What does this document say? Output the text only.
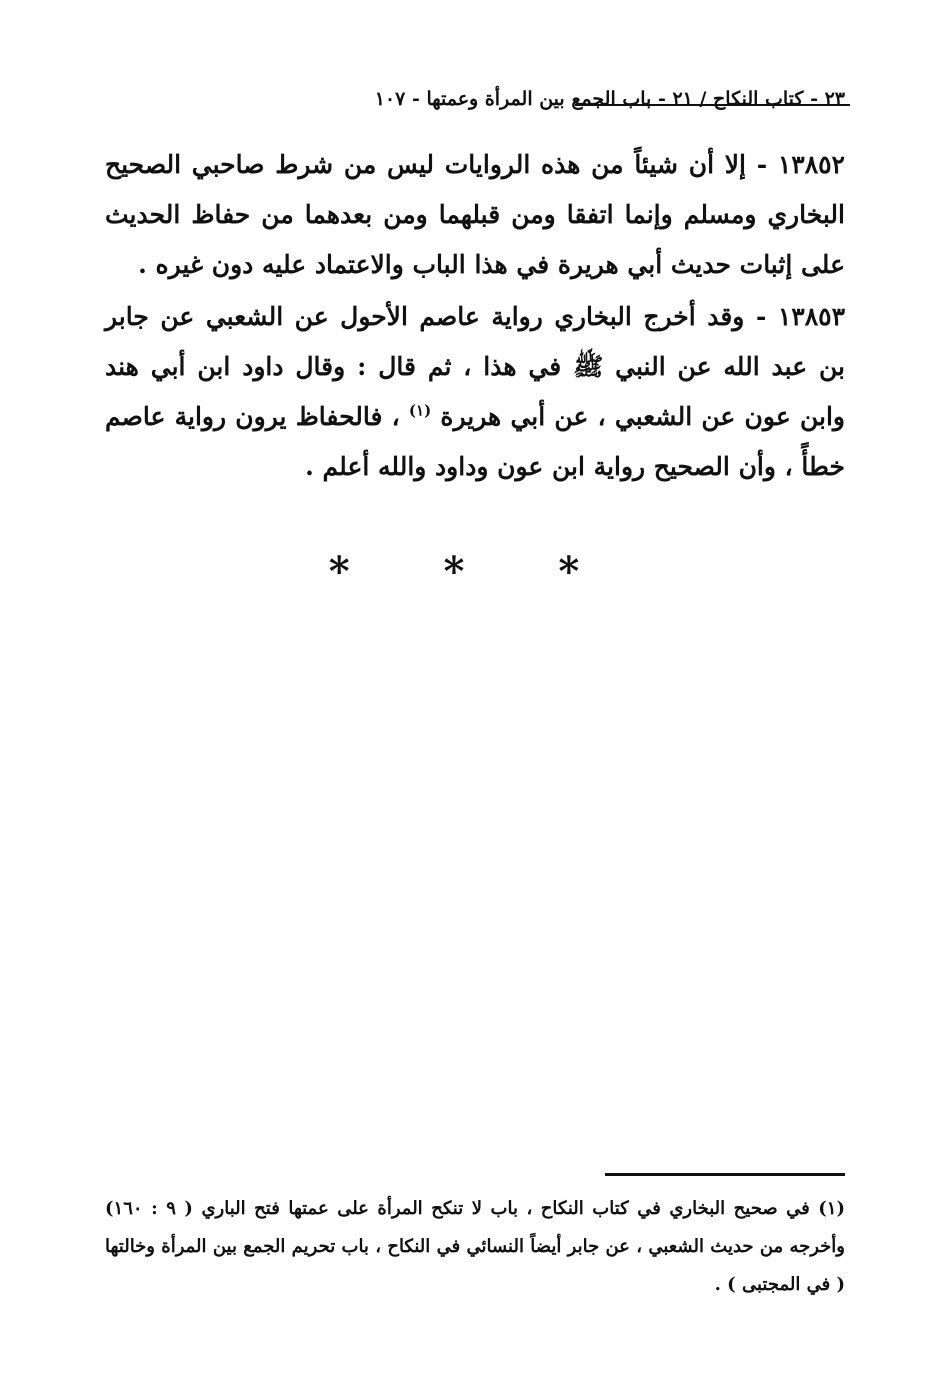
٢٣ - كتاب النكاح / ٢١ - باب الجمع بين المرأة وعمتها - ١٠٧
١٣٨٥٢ - إلا أن شيئاً من هذه الروايات ليس من شرط صاحبي الصحيح البخاري ومسلم وإنما اتفقا ومن قبلهما ومن بعدهما من حفاظ الحديث على إثبات حديث أبي هريرة في هذا الباب والاعتماد عليه دون غيره .
١٣٨٥٣ - وقد أخرج البخاري رواية عاصم الأحول عن الشعبي عن جابر بن عبد الله عن النبي ﷺ في هذا ، ثم قال : وقال داود ابن أبي هند وابن عون عن الشعبي ، عن أبي هريرة $^{(١)}$ ، فالحفاظ يرون رواية عاصم خطأً ، وأن الصحيح رواية ابن عون وداود والله أعلم .
* * *
(١) في صحيح البخاري في كتاب النكاح ، باب لا تنكح المرأة على عمتها فتح الباري ( ٩ : ١٦٠) وأخرجه من حديث الشعبي ، عن جابر أيضاً النسائي في النكاح ، باب تحريم الجمع بين المرأة وخالتها ( في المجتبى ) .
